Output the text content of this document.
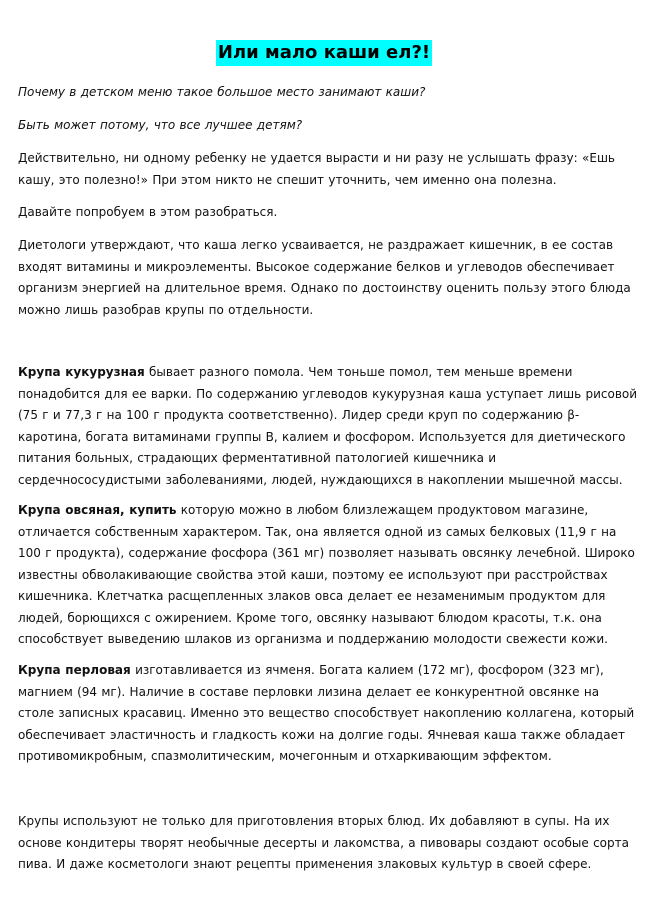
Или мало каши ел?!

Почему в детском меню такое большое место занимают каши?

Быть может потому, что все лучшее детям?

Действительно, ни одному ребенку не удается вырасти и ни разу не услышать фразу: «Ешь кашу, это полезно!» При этом никто не спешит уточнить, чем именно она полезна.

Давайте попробуем в этом разобраться.

Диетологи утверждают, что каша легко усваивается, не раздражает кишечник, в ее состав входят витамины и микроэлементы. Высокое содержание белков и углеводов обеспечивает организм энергией на длительное время. Однако по достоинству оценить пользу этого блюда можно лишь разобрав крупы по отдельности.

Крупа кукурузная бывает разного помола. Чем тоньше помол, тем меньше времени понадобится для ее варки. По содержанию углеводов кукурузная каша уступает лишь рисовой (75 г и 77,3 г на 100 г продукта соответственно). Лидер среди круп по содержанию β-каротина, богата витаминами группы В, калием и фосфором. Используется для диетического питания больных, страдающих ферментативной патологией кишечника и сердечнососудистыми заболеваниями, людей, нуждающихся в накоплении мышечной массы.

Крупа овсяная, купить которую можно в любом близлежащем продуктовом магазине, отличается собственным характером. Так, она является одной из самых белковых (11,9 г на 100 г продукта), содержание фосфора (361 мг) позволяет называть овсянку лечебной. Широко известны обволакивающие свойства этой каши, поэтому ее используют при расстройствах кишечника. Клетчатка расщепленных злаков овса делает ее незаменимым продуктом для людей, борющихся с ожирением. Кроме того, овсянку называют блюдом красоты, т.к. она способствует выведению шлаков из организма и поддержанию молодости свежести кожи.

Крупа перловая изготавливается из ячменя. Богата калием (172 мг), фосфором (323 мг), магнием (94 мг). Наличие в составе перловки лизина делает ее конкурентной овсянке на столе записных красавиц. Именно это вещество способствует накоплению коллагена, который обеспечивает эластичность и гладкость кожи на долгие годы. Ячневая каша также обладает противомикробным, спазмолитическим, мочегонным и отхаркивающим эффектом.

Крупы используют не только для приготовления вторых блюд. Их добавляют в супы. На их основе кондитеры творят необычные десерты и лакомства, а пивовары создают особые сорта пива. И даже косметологи знают рецепты применения злаковых культур в своей сфере.
